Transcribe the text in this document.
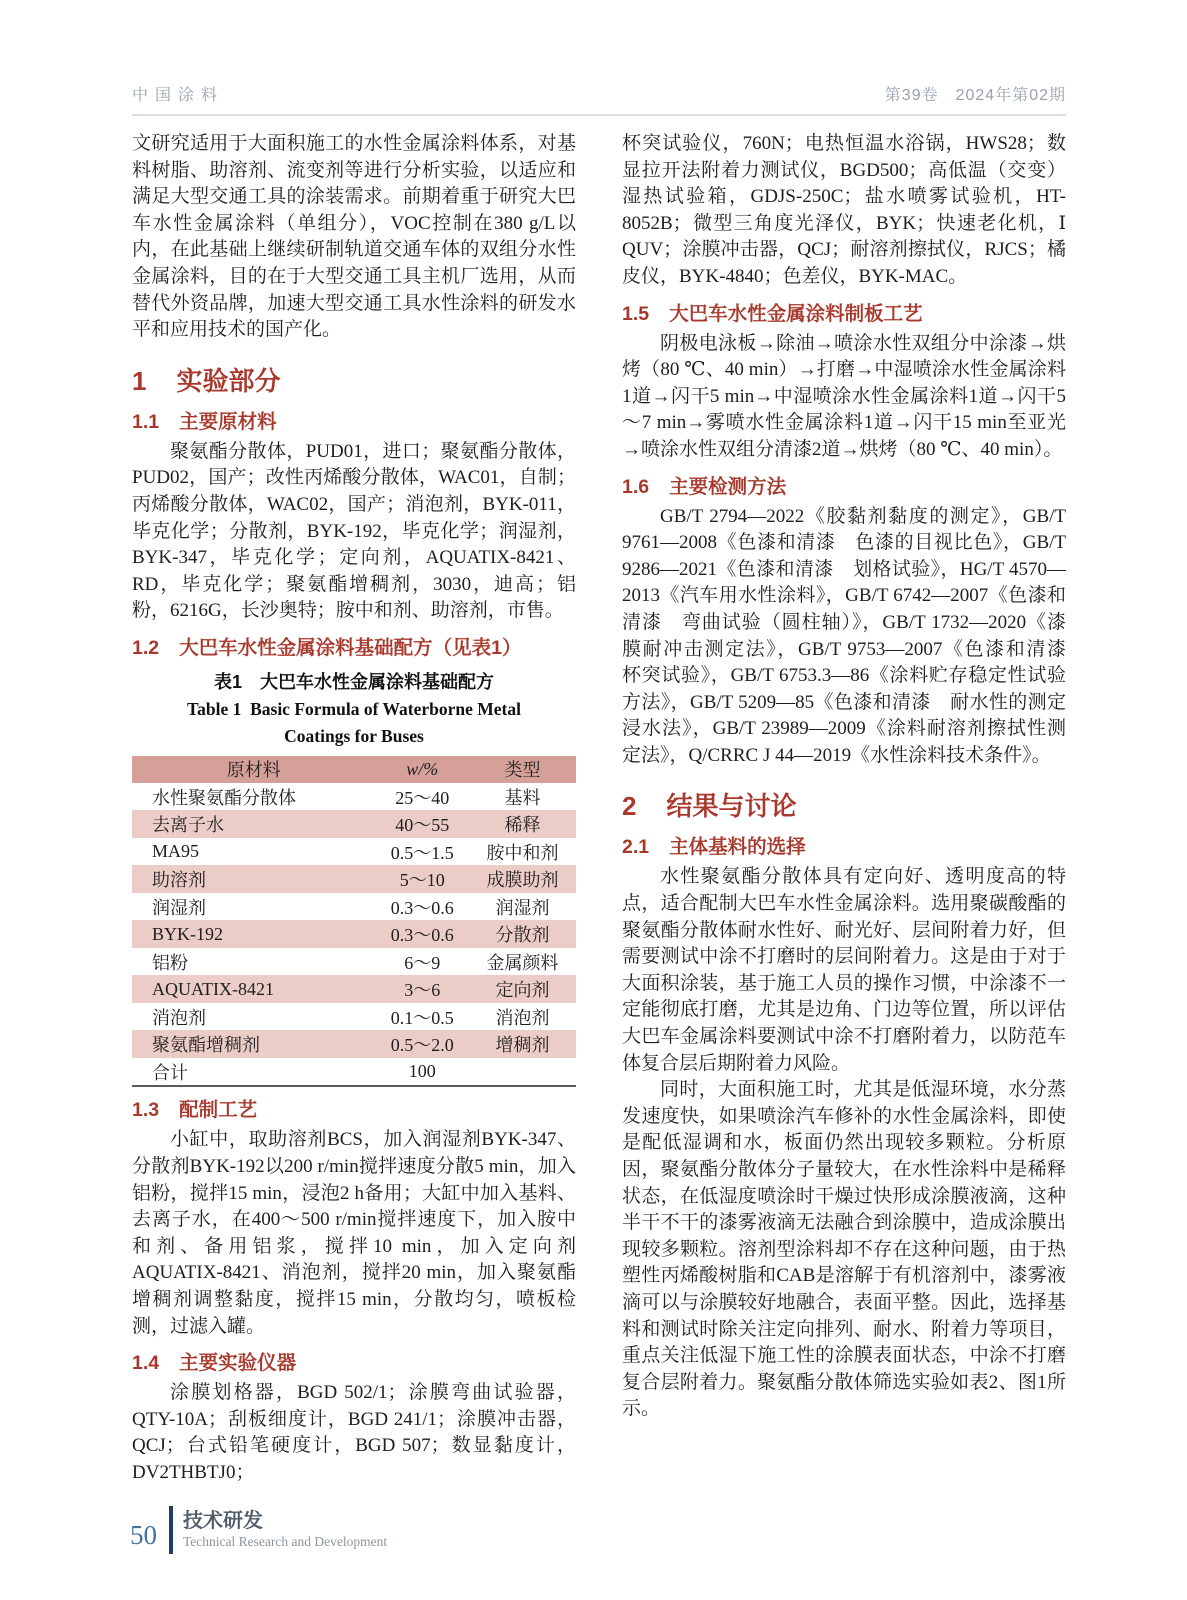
中国涂料	第39卷　2024年第02期

文研究适用于大面积施工的水性金属涂料体系，对基料树脂、助溶剂、流变剂等进行分析实验，以适应和满足大型交通工具的涂装需求。前期着重于研究大巴车水性金属涂料（单组分），VOC控制在380 g/L以内，在此基础上继续研制轨道交通车体的双组分水性金属涂料，目的在于大型交通工具主机厂选用，从而替代外资品牌，加速大型交通工具水性涂料的研发水平和应用技术的国产化。

1 实验部分
1.1 主要原材料

聚氨酯分散体，PUD01，进口；聚氨酯分散体，PUD02，国产；改性丙烯酸分散体，WAC01，自制；丙烯酸分散体，WAC02，国产；消泡剂，BYK-011，毕克化学；分散剂，BYK-192，毕克化学；润湿剂，BYK-347，毕克化学；定向剂，AQUATIX-8421、RD，毕克化学；聚氨酯增稠剂，3030，迪高；铝粉，6216G，长沙奥特；胺中和剂、助溶剂，市售。

1.2 大巴车水性金属涂料基础配方（见表1）
表1　大巴车水性金属涂料基础配方
Table 1  Basic Formula of Waterborne Metal Coatings for Buses
原材料	w/%	类型
水性聚氨酯分散体	25～40	基料
去离子水	40～55	稀释
MA95	0.5～1.5	胺中和剂
助溶剂	5～10	成膜助剂
润湿剂	0.3～0.6	润湿剂
BYK-192	0.3～0.6	分散剂
铝粉	6～9	金属颜料
AQUATIX-8421	3～6	定向剂
消泡剂	0.1～0.5	消泡剂
聚氨酯增稠剂	0.5～2.0	增稠剂
合计	100	
1.3 配制工艺

小缸中，取助溶剂BCS，加入润湿剂BYK-347、分散剂BYK-192以200 r/min搅拌速度分散5 min，加入铝粉，搅拌15 min，浸泡2 h备用；大缸中加入基料、去离子水，在400～500 r/min搅拌速度下，加入胺中和剂、备用铝浆，搅拌10 min，加入定向剂AQUATIX-8421、消泡剂，搅拌20 min，加入聚氨酯增稠剂调整黏度，搅拌15 min，分散均匀，喷板检测，过滤入罐。

1.4 主要实验仪器

涂膜划格器，BGD 502/1；涂膜弯曲试验器，QTY-10A；刮板细度计，BGD 241/1；涂膜冲击器，QCJ；台式铅笔硬度计，BGD 507；数显黏度计，DV2THBTJ0；

杯突试验仪，760N；电热恒温水浴锅，HWS28；数显拉开法附着力测试仪，BGD500；高低温（交变）湿热试验箱，GDJS-250C；盐水喷雾试验机，HT-8052B；微型三角度光泽仪，BYK；快速老化机，Ⅰ QUV；涂膜冲击器，QCJ；耐溶剂擦拭仪，RJCS；橘皮仪，BYK-4840；色差仪，BYK-MAC。

1.5 大巴车水性金属涂料制板工艺

阴极电泳板→除油→喷涂水性双组分中涂漆→烘烤（80 ℃、40 min）→打磨→中湿喷涂水性金属涂料1道→闪干5 min→中湿喷涂水性金属涂料1道→闪干5～7 min→雾喷水性金属涂料1道→闪干15 min至亚光→喷涂水性双组分清漆2道→烘烤（80 ℃、40 min）。

1.6 主要检测方法

GB/T 2794—2022《胶黏剂黏度的测定》，GB/T 9761—2008《色漆和清漆　色漆的目视比色》，GB/T 9286—2021《色漆和清漆　划格试验》，HG/T 4570—2013《汽车用水性涂料》，GB/T 6742—2007《色漆和清漆　弯曲试验（圆柱轴）》，GB/T 1732—2020《漆膜耐冲击测定法》，GB/T 9753—2007《色漆和清漆　杯突试验》，GB/T 6753.3—86《涂料贮存稳定性试验方法》，GB/T 5209—85《色漆和清漆　耐水性的测定　浸水法》，GB/T 23989—2009《涂料耐溶剂擦拭性测定法》，Q/CRRC J 44—2019《水性涂料技术条件》。

2 结果与讨论
2.1 主体基料的选择

水性聚氨酯分散体具有定向好、透明度高的特点，适合配制大巴车水性金属涂料。选用聚碳酸酯的聚氨酯分散体耐水性好、耐光好、层间附着力好，但需要测试中涂不打磨时的层间附着力。这是由于对于大面积涂装，基于施工人员的操作习惯，中涂漆不一定能彻底打磨，尤其是边角、门边等位置，所以评估大巴车金属涂料要测试中涂不打磨附着力，以防范车体复合层后期附着力风险。

同时，大面积施工时，尤其是低湿环境，水分蒸发速度快，如果喷涂汽车修补的水性金属涂料，即使是配低湿调和水，板面仍然出现较多颗粒。分析原因，聚氨酯分散体分子量较大，在水性涂料中是稀释状态，在低湿度喷涂时干燥过快形成涂膜液滴，这种半干不干的漆雾液滴无法融合到涂膜中，造成涂膜出现较多颗粒。溶剂型涂料却不存在这种问题，由于热塑性丙烯酸树脂和CAB是溶解于有机溶剂中，漆雾液滴可以与涂膜较好地融合，表面平整。因此，选择基料和测试时除关注定向排列、耐水、附着力等项目，重点关注低湿下施工性的涂膜表面状态，中涂不打磨复合层附着力。聚氨酯分散体筛选实验如表2、图1所示。

50 技术研发
Technical Research and Development
